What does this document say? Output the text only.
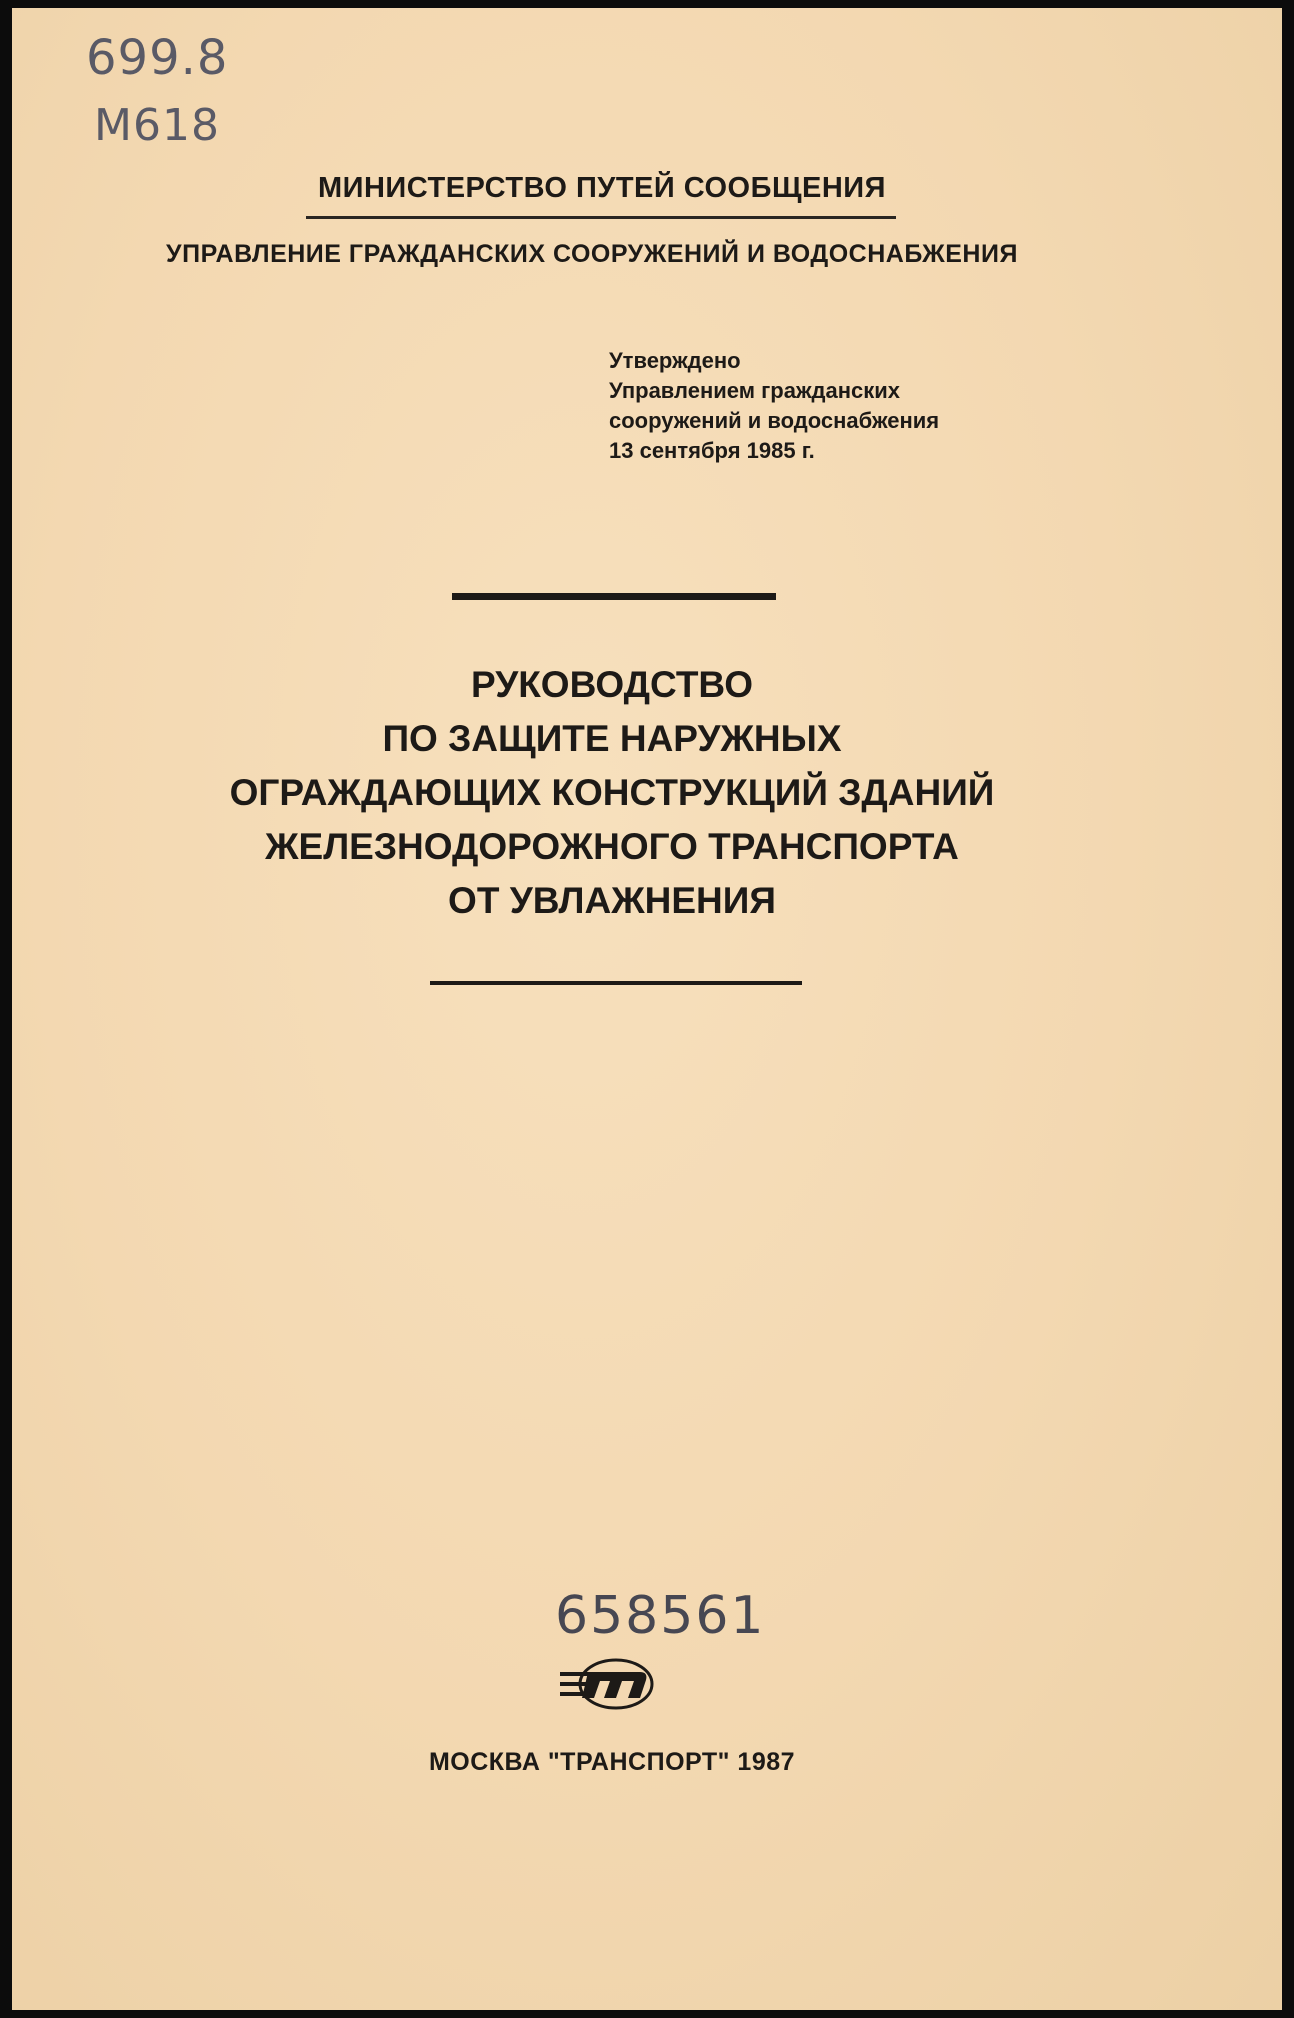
699.8
M618
МИНИСТЕРСТВО ПУТЕЙ СООБЩЕНИЯ
УПРАВЛЕНИЕ ГРАЖДАНСКИХ СООРУЖЕНИЙ И ВОДОСНАБЖЕНИЯ
Утверждено
Управлением гражданских
сооружений и водоснабжения
13 сентября 1985 г.
РУКОВОДСТВО
ПО ЗАЩИТЕ НАРУЖНЫХ
ОГРАЖДАЮЩИХ КОНСТРУКЦИЙ ЗДАНИЙ
ЖЕЛЕЗНОДОРОЖНОГО ТРАНСПОРТА
ОТ УВЛАЖНЕНИЯ
658561
МОСКВА "ТРАНСПОРТ" 1987
